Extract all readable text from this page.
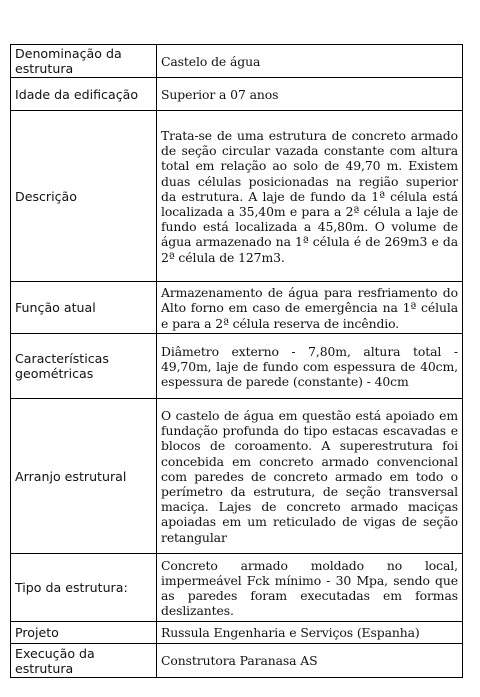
Denominação da estrutura	Castelo de água
Idade da edificação	Superior a 07 anos
Descrição	Trata-se de uma estrutura de concreto armado de seção circular vazada constante com altura total em relação ao solo de 49,70 m. Existem duas células posicionadas na região superior da estrutura. A laje de fundo da 1ª célula está localizada a 35,40m e para a 2ª célula a laje de fundo está localizada a 45,80m. O volume de água armazenado na 1ª célula é de 269m3 e da 2ª célula de 127m3.
Função atual	Armazenamento de água para resfriamento do Alto forno em caso de emergência na 1ª célula e para a 2ª célula reserva de incêndio.
Características geométricas	Diâmetro externo - 7,80m, altura total - 49,70m, laje de fundo com espessura de 40cm, espessura de parede (constante) - 40cm
Arranjo estrutural	O castelo de água em questão está apoiado em fundação profunda do tipo estacas escavadas e blocos de coroamento. A superestrutura foi concebida em concreto armado convencional com paredes de concreto armado em todo o perímetro da estrutura, de seção transversal maciça. Lajes de concreto armado maciças apoiadas em um reticulado de vigas de seção retangular
Tipo da estrutura:	Concreto armado moldado no local, impermeável Fck mínimo - 30 Mpa, sendo que as paredes foram executadas em formas deslizantes.
Projeto	Russula Engenharia e Serviços (Espanha)
Execução da estrutura	Construtora Paranasa AS
